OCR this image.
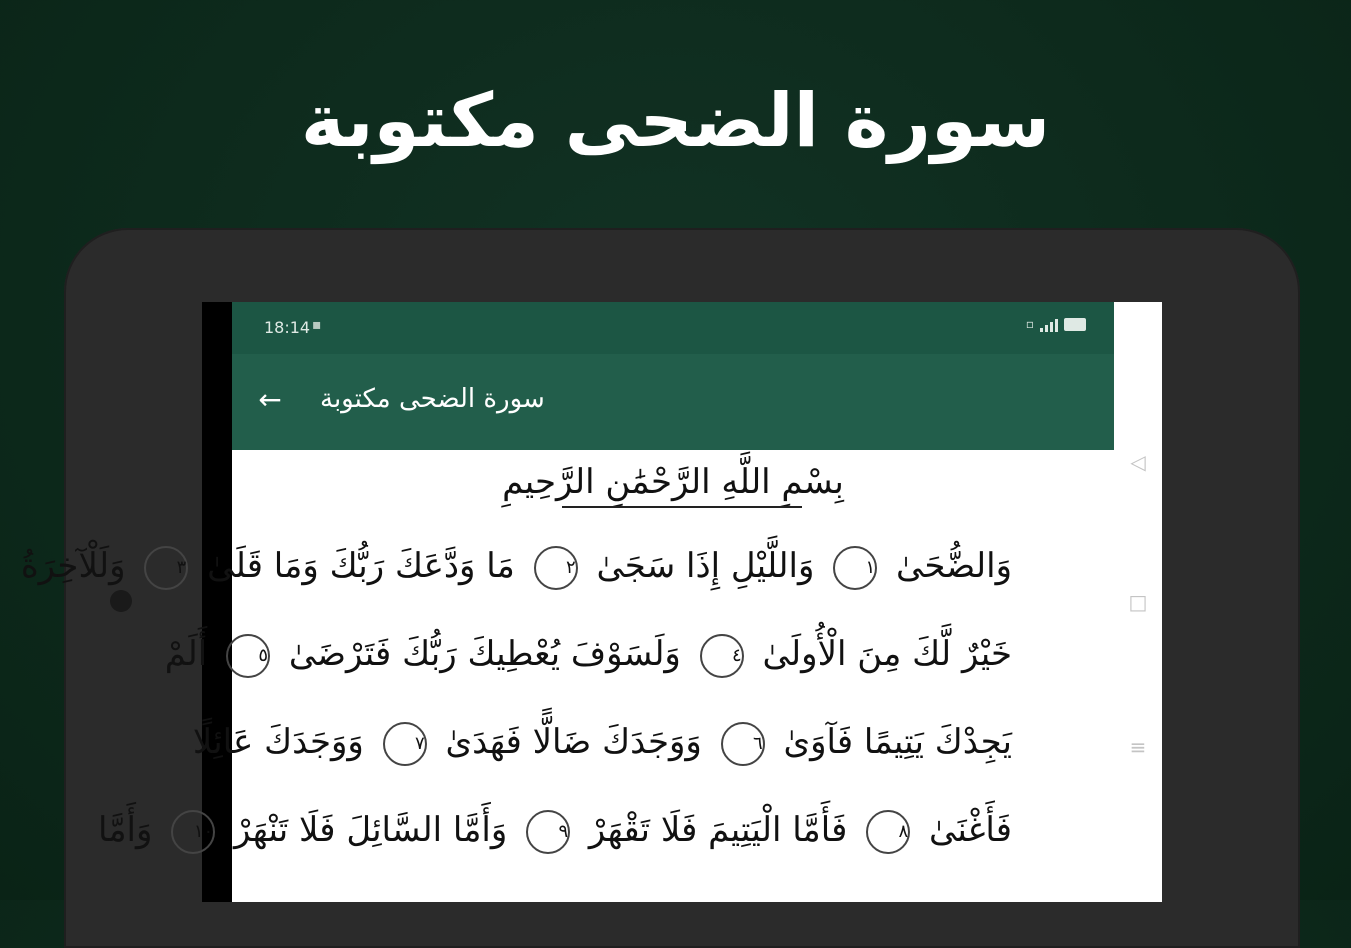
سورة الضحى مكتوبة
18:14 ▪	▫
← سورة الضحى مكتوبة
بِسْمِ اللَّهِ الرَّحْمَٰنِ الرَّحِيمِ
وَالضُّحَىٰ ١ وَاللَّيْلِ إِذَا سَجَىٰ ٢ مَا وَدَّعَكَ رَبُّكَ وَمَا قَلَىٰ ٣ وَلَلْآخِرَةُ
خَيْرٌ لَّكَ مِنَ الْأُولَىٰ ٤ وَلَسَوْفَ يُعْطِيكَ رَبُّكَ فَتَرْضَىٰ ٥ أَلَمْ
يَجِدْكَ يَتِيمًا فَآوَىٰ ٦ وَوَجَدَكَ ضَالًّا فَهَدَىٰ ٧ وَوَجَدَكَ عَائِلًا
فَأَغْنَىٰ ٨ فَأَمَّا الْيَتِيمَ فَلَا تَقْهَرْ ٩ وَأَمَّا السَّائِلَ فَلَا تَنْهَرْ ١٠ وَأَمَّا
◁
□
≡
